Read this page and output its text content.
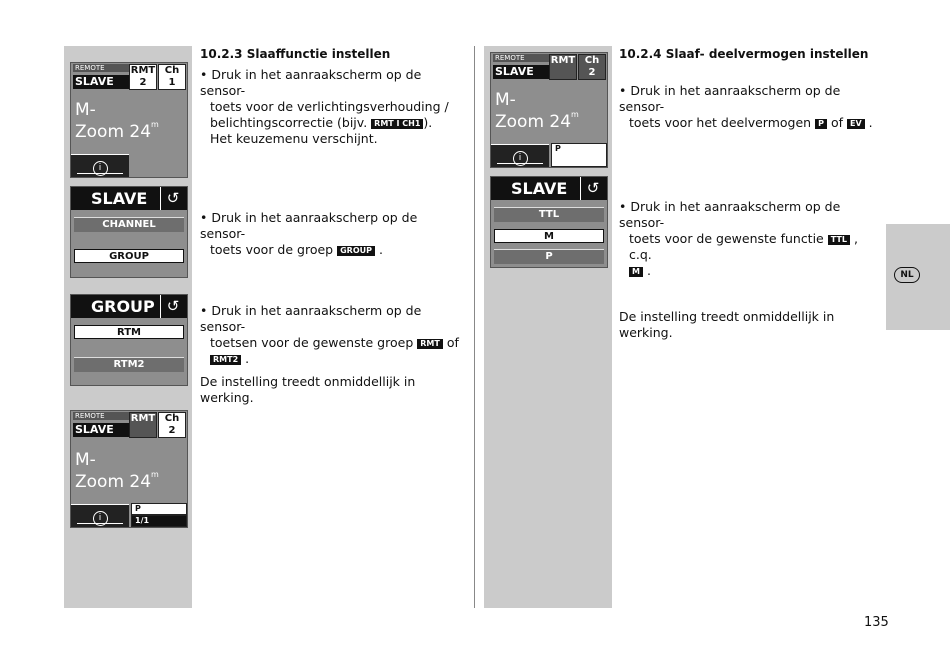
REMOTE
SLAVE
RMT
2
Ch
1
M-
Zoom 24m
i
SLAVE	↺
CHANNEL
GROUP
GROUP ↺
RTM
RTM2
REMOTE
SLAVE
RMT Ch
2
M-
Zoom 24m
i
P
1/1
10.2.3 Slaaffunctie instellen
• Druk in het aanraakscherm op de sensor-
toets voor de verlichtingsverhouding /
belichtingscorrectie (bijv. RMT I CH1 ).
Het keuzemenu verschijnt.
• Druk in het aanraakscherp op de sensor-
toets voor de groep GROUP .
• Druk in het aanraakscherm op de sensor-
toetsen voor de gewenste groep RMT of
RMT2 .
De instelling treedt onmiddellijk in werking.
REMOTE
SLAVE
RMT Ch
2
M-
Zoom 24m
i
P
SLAVE	↺
TTL
M
P
10.2.4 Slaaf- deelvermogen instellen
• Druk in het aanraakscherm op de sensor-
toets voor het deelvermogen P of EV .
• Druk in het aanraakscherm op de sensor-
toets voor de gewenste functie TTL , c.q.
M .
De instelling treedt onmiddellijk in werking.
NL
135
